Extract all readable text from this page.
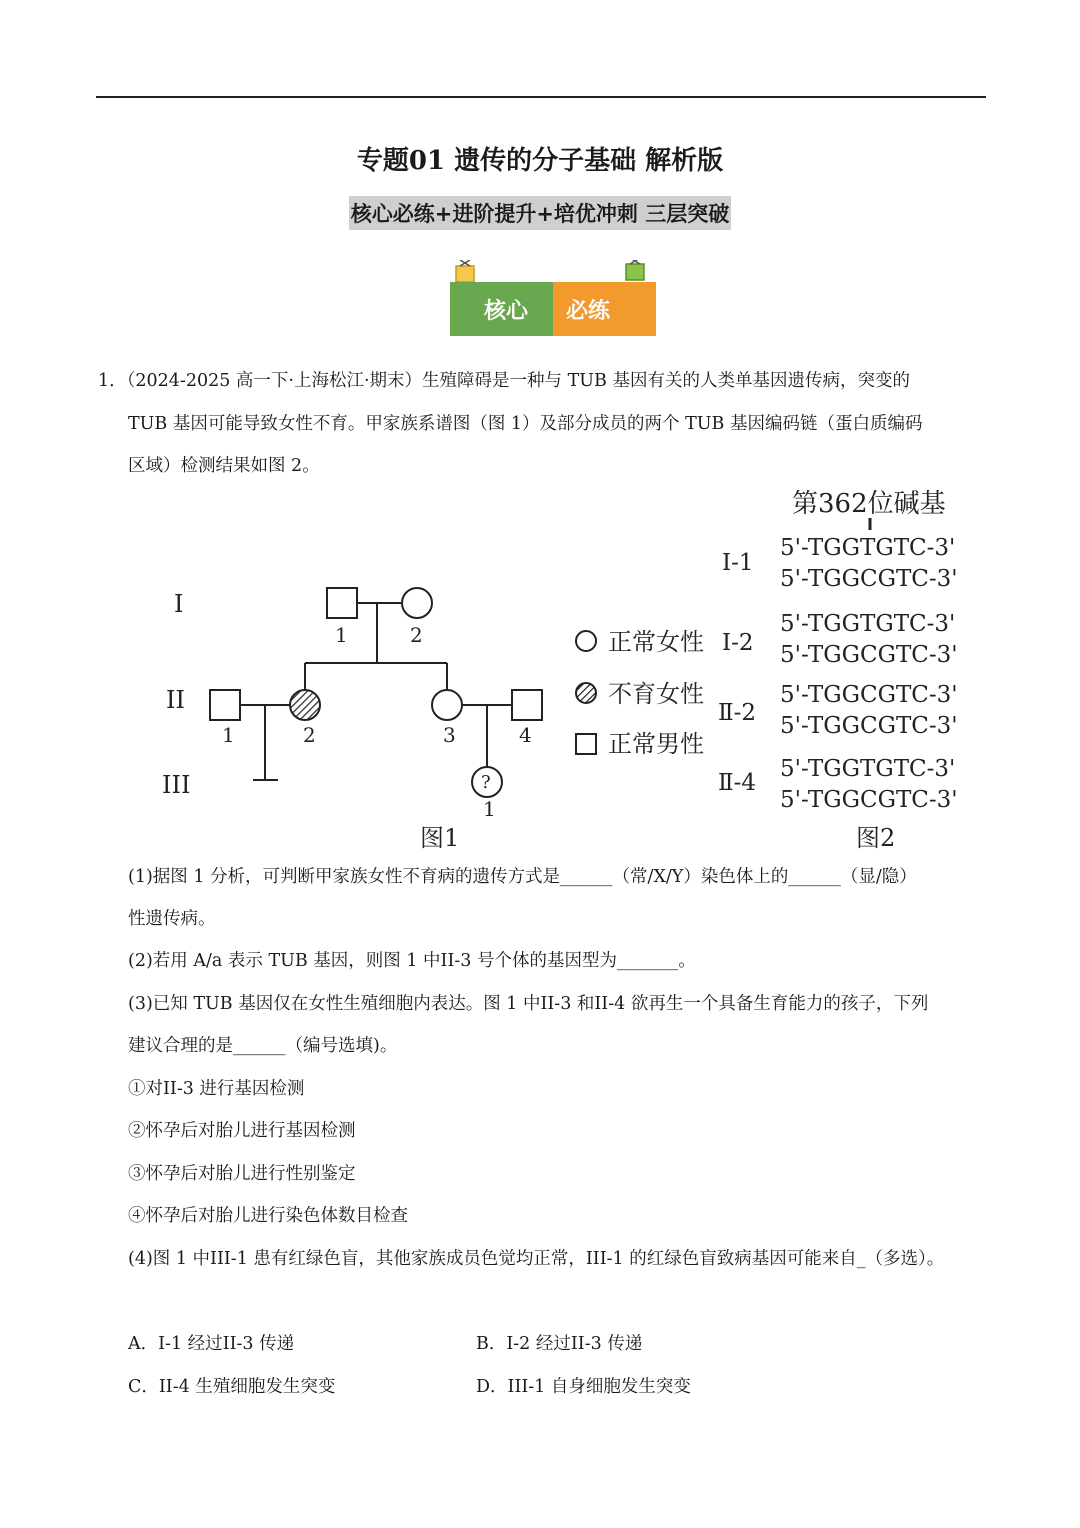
专题01 遗传的分子基础 解析版
核心必练+进阶提升+培优冲刺 三层突破
核心 必练
1．（2024-2025 高一下·上海松江·期末）生殖障碍是一种与 TUB 基因有关的人类单基因遗传病，突变的
TUB 基因可能导致女性不育。甲家族系谱图（图 1）及部分成员的两个 TUB 基因编码链（蛋白质编码
区域）检测结果如图 2。
I
II
III
1	2
1	2	3	4
?
1
图1
正常女性
不育女性
正常男性
第362位碱基
Ⅰ-1
5'-TGGTGTC-3'
5'-TGGCGTC-3'
Ⅰ-2
5'-TGGTGTC-3'
5'-TGGCGTC-3'
Ⅱ-2
5'-TGGCGTC-3'
5'-TGGCGTC-3'
Ⅱ-4
5'-TGGTGTC-3'
5'-TGGCGTC-3'
图2
(1)据图 1 分析，可判断甲家族女性不育病的遗传方式是______（常/X/Y）染色体上的______（显/隐）
性遗传病。
(2)若用 A/a 表示 TUB 基因，则图 1 中II-3 号个体的基因型为_______。
(3)已知 TUB 基因仅在女性生殖细胞内表达。图 1 中II-3 和II-4 欲再生一个具备生育能力的孩子，下列
建议合理的是______（编号选填)。
①对II-3 进行基因检测
②怀孕后对胎儿进行基因检测
③怀孕后对胎儿进行性别鉴定
④怀孕后对胎儿进行染色体数目检查
(4)图 1 中III-1 患有红绿色盲，其他家族成员色觉均正常，III-1 的红绿色盲致病基因可能来自_（多选）。
A．I-1 经过II-3 传递	B．I-2 经过II-3 传递
C．II-4 生殖细胞发生突变	D．III-1 自身细胞发生突变
